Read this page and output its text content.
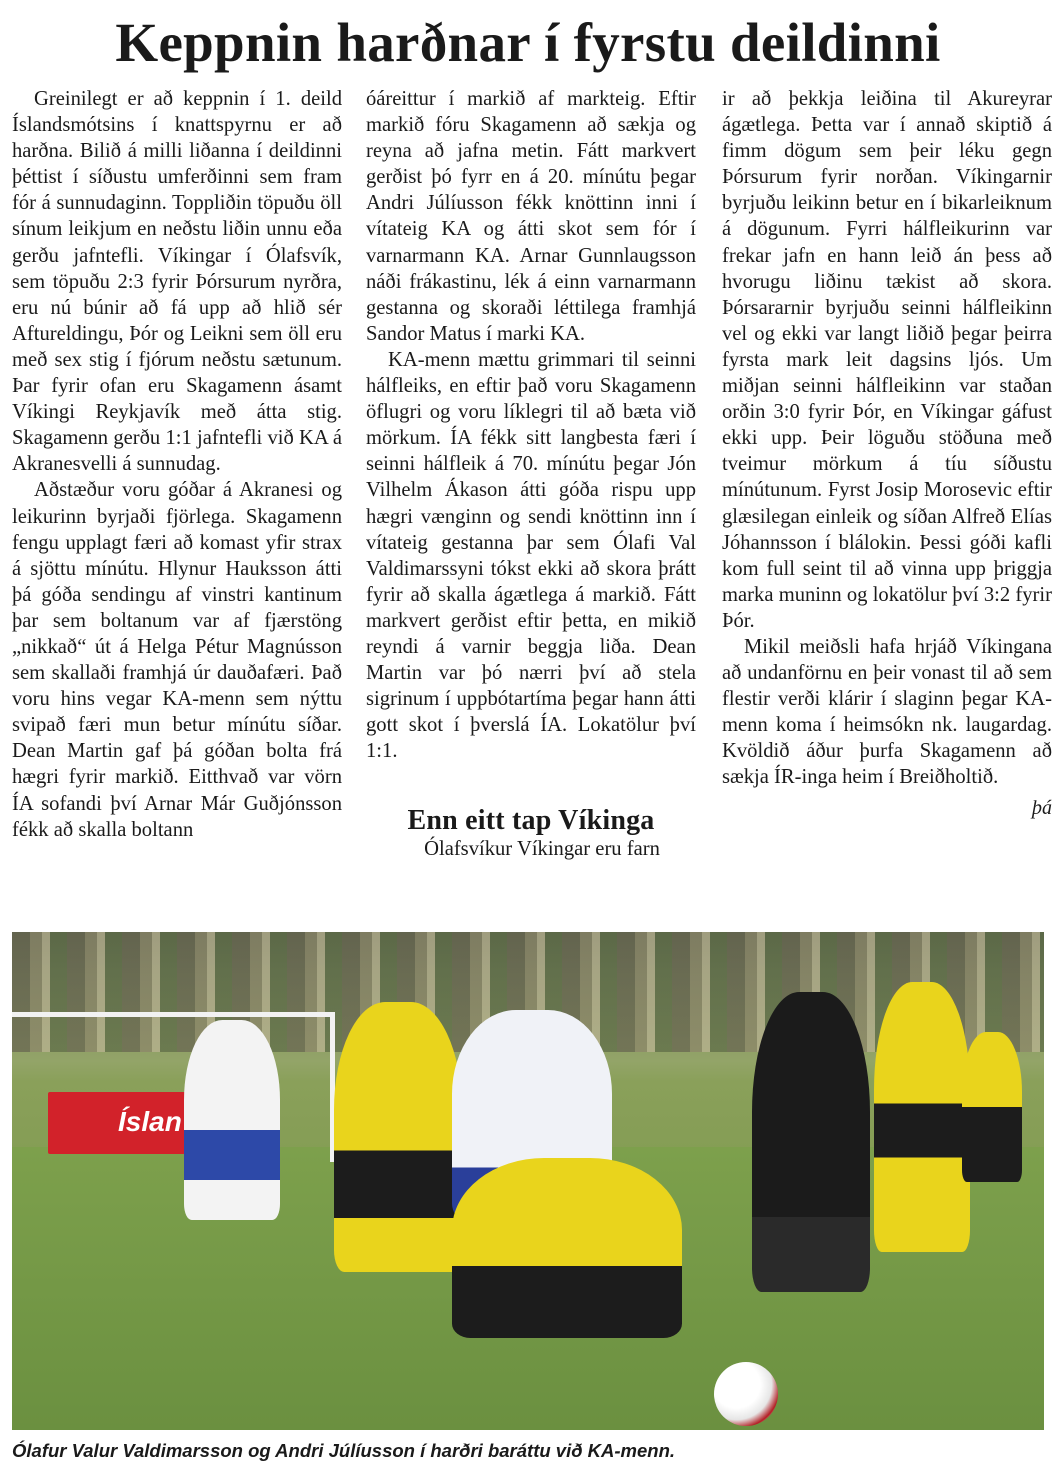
Keppnin harðnar í fyrstu deildinni

Greinilegt er að keppnin í 1. deild Íslandsmótsins í knattspyrnu er að harðna. Bilið á milli liðanna í deildinni þéttist í síðustu umferðinni sem fram fór á sunnudaginn. Toppliðin töpuðu öll sínum leikjum en neðstu liðin unnu eða gerðu jafntefli. Víkingar í Ólafsvík, sem töpuðu 2:3 fyrir Þórsurum nyrðra, eru nú búnir að fá upp að hlið sér Aftureldingu, Þór og Leikni sem öll eru með sex stig í fjórum neðstu sætunum. Þar fyrir ofan eru Skagamenn ásamt Víkingi Reykjavík með átta stig. Skagamenn gerðu 1:1 jafntefli við KA á Akranesvelli á sunnudag.

Aðstæður voru góðar á Akranesi og leikurinn byrjaði fjörlega. Skagamenn fengu upplagt færi að komast yfir strax á sjöttu mínútu. Hlynur Hauksson átti þá góða sendingu af vinstri kantinum þar sem boltanum var af fjærstöng „nikkað“ út á Helga Pétur Magnússon sem skallaði framhjá úr dauðafæri. Það voru hins vegar KA-menn sem nýttu svipað færi mun betur mínútu síðar. Dean Martin gaf þá góðan bolta frá hægri fyrir markið. Eitthvað var vörn ÍA sofandi því Arnar Már Guðjónsson fékk að skalla boltann

óáreittur í markið af markteig. Eftir markið fóru Skagamenn að sækja og reyna að jafna metin. Fátt markvert gerðist þó fyrr en á 20. mínútu þegar Andri Júlíusson fékk knöttinn inni í vítateig KA og átti skot sem fór í varnarmann KA. Arnar Gunnlaugsson náði frákastinu, lék á einn varnarmann gestanna og skoraði léttilega framhjá Sandor Matus í marki KA.

KA-menn mættu grimmari til seinni hálfleiks, en eftir það voru Skagamenn öflugri og voru líklegri til að bæta við mörkum. ÍA fékk sitt langbesta færi í seinni hálfleik á 70. mínútu þegar Jón Vilhelm Ákason átti góða rispu upp hægri vænginn og sendi knöttinn inn í vítateig gestanna þar sem Ólafi Val Valdimarssyni tókst ekki að skora þrátt fyrir að skalla ágætlega á markið. Fátt markvert gerðist eftir þetta, en mikið reyndi á varnir beggja liða. Dean Martin var þó nærri því að stela sigrinum í uppbótartíma þegar hann átti gott skot í þverslá ÍA. Lokatölur því 1:1.

Enn eitt tap Víkinga

Ólafsvíkur Víkingar eru farn

ir að þekkja leiðina til Akureyrar ágætlega. Þetta var í annað skiptið á fimm dögum sem þeir léku gegn Þórsurum fyrir norðan. Víkingarnir byrjuðu leikinn betur en í bikarleiknum á dögunum. Fyrri hálfleikurinn var frekar jafn en hann leið án þess að hvorugu liðinu tækist að skora. Þórsararnir byrjuðu seinni hálfleikinn vel og ekki var langt liðið þegar þeirra fyrsta mark leit dagsins ljós. Um miðjan seinni hálfleikinn var staðan orðin 3:0 fyrir Þór, en Víkingar gáfust ekki upp. Þeir löguðu stöðuna með tveimur mörkum á tíu síðustu mínútunum. Fyrst Josip Morosevic eftir glæsilegan einleik og síðan Alfreð Elías Jóhannsson í blálokin. Þessi góði kafli kom full seint til að vinna upp þriggja marka muninn og lokatölur því 3:2 fyrir Þór.

Mikil meiðsli hafa hrjáð Víkingana að undanförnu en þeir vonast til að sem flestir verði klárir í slaginn þegar KA-menn koma í heimsókn nk. laugardag. Kvöldið áður þurfa Skagamenn að sækja ÍR-inga heim í Breiðholtið.

þá
Íslan
Ólafur Valur Valdimarsson og Andri Júlíusson í harðri baráttu við KA-menn.
